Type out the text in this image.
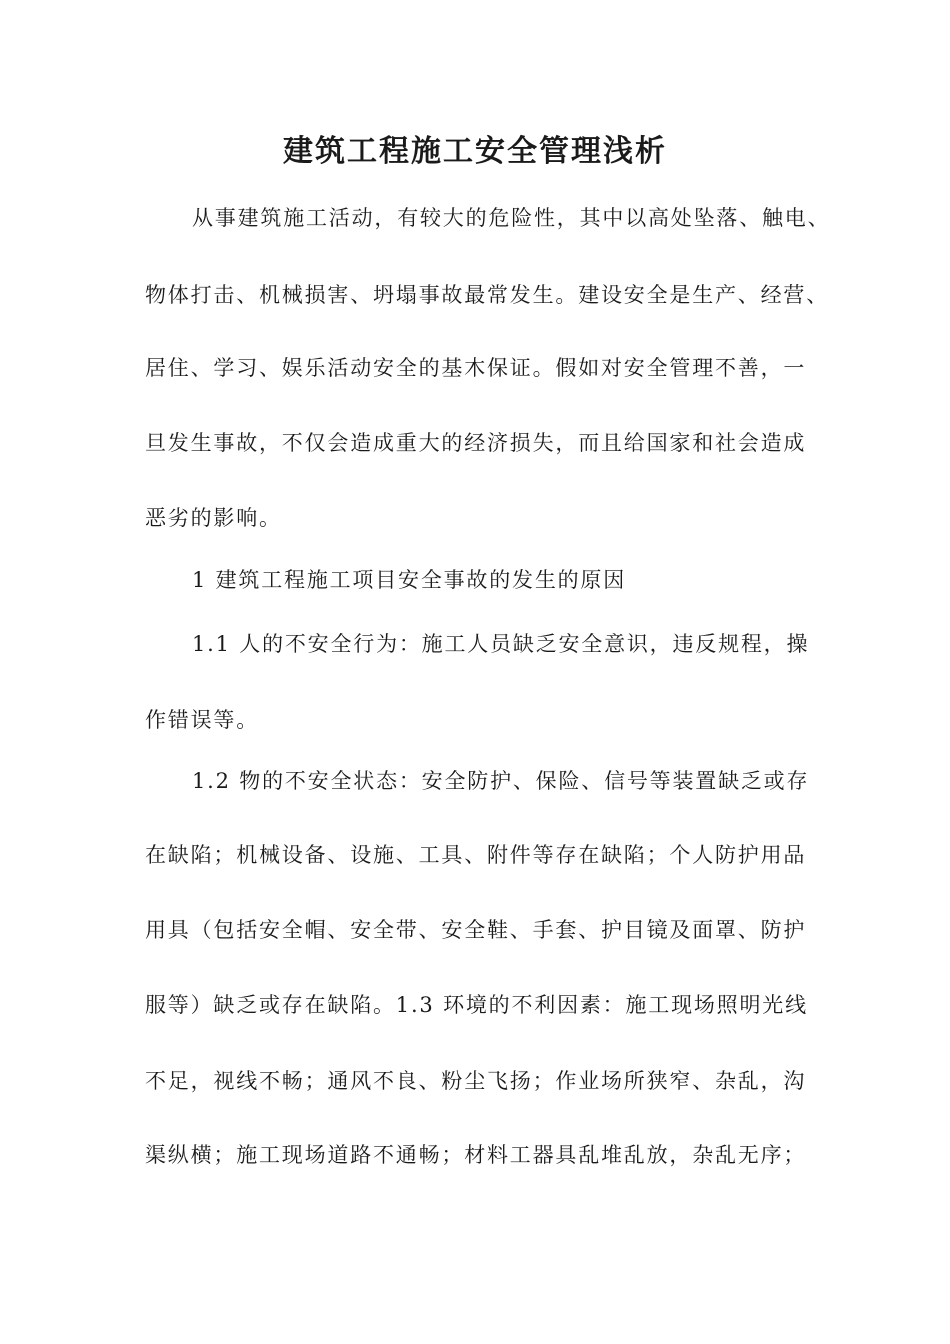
建筑工程施工安全管理浅析
从事建筑施工活动，有较大的危险性，其中以高处坠落、触电、
物体打击、机械损害、坍塌事故最常发生。建设安全是生产、经营、
居住、学习、娱乐活动安全的基木保证。假如对安全管理不善，一
旦发生事故，不仅会造成重大的经济损失，而且给国家和社会造成
恶劣的影响。
1 建筑工程施工项目安全事故的发生的原因
1.1 人的不安全行为：施工人员缺乏安全意识，违反规程，操
作错误等。
1.2 物的不安全状态：安全防护、保险、信号等装置缺乏或存
在缺陷；机械设备、设施、工具、附件等存在缺陷；个人防护用品
用具（包括安全帽、安全带、安全鞋、手套、护目镜及面罩、防护
服等）缺乏或存在缺陷。1.3 环境的不利因素：施工现场照明光线
不足，视线不畅；通风不良、粉尘飞扬；作业场所狭窄、杂乱，沟
渠纵横；施工现场道路不通畅；材料工器具乱堆乱放，杂乱无序；
